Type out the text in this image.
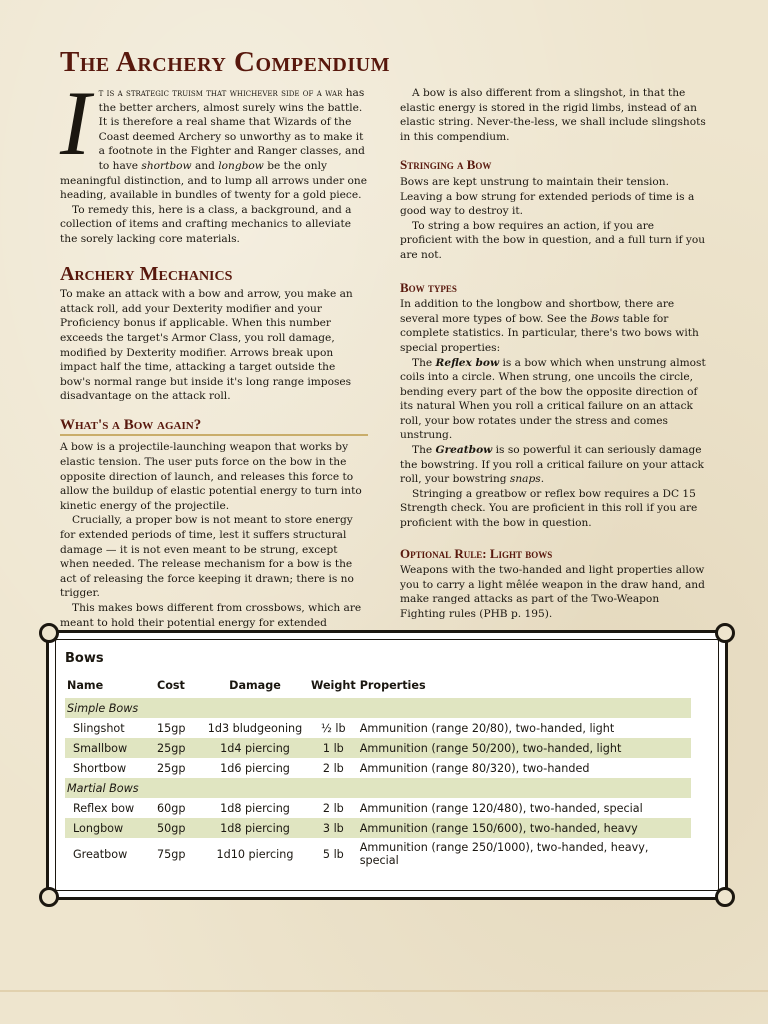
The Archery Compendium

It is a strategic truism that whichever side of a war has the better archers, almost surely wins the battle. It is therefore a real shame that Wizards of the Coast deemed Archery so unworthy as to make it a footnote in the Fighter and Ranger classes, and to have shortbow and longbow be the only meaningful distinction, and to lump all arrows under one heading, available in bundles of twenty for a gold piece.

To remedy this, here is a class, a background, and a collection of items and crafting mechanics to alleviate the sorely lacking core materials.

Archery Mechanics

To make an attack with a bow and arrow, you make an attack roll, add your Dexterity modifier and your Proficiency bonus if applicable. When this number exceeds the target's Armor Class, you roll damage, modified by Dexterity modifier. Arrows break upon impact half the time, attacking a target outside the bow's normal range but inside it's long range imposes disadvantage on the attack roll.

What's a Bow again?

A bow is a projectile-launching weapon that works by elastic tension. The user puts force on the bow in the opposite direction of launch, and releases this force to allow the buildup of elastic potential energy to turn into kinetic energy of the projectile.

Crucially, a proper bow is not meant to store energy for extended periods of time, lest it suffers structural damage — it is not even meant to be strung, except when needed. The release mechanism for a bow is the act of releasing the force keeping it drawn; there is no trigger.

This makes bows different from crossbows, which are meant to hold their potential energy for extended

A bow is also different from a slingshot, in that the elastic energy is stored in the rigid limbs, instead of an elastic string. Never-the-less, we shall include slingshots in this compendium.

Stringing a Bow

Bows are kept unstrung to maintain their tension. Leaving a bow strung for extended periods of time is a good way to destroy it.

To string a bow requires an action, if you are proficient with the bow in question, and a full turn if you are not.

Bow types

In addition to the longbow and shortbow, there are several more types of bow. See the Bows table for complete statistics. In particular, there's two bows with special properties:

The Reflex bow is a bow which when unstrung almost coils into a circle. When strung, one uncoils the circle, bending every part of the bow the opposite direction of its natural When you roll a critical failure on an attack roll, your bow rotates under the stress and comes unstrung.

The Greatbow is so powerful it can seriously damage the bowstring. If you roll a critical failure on your attack roll, your bowstring snaps.

Stringing a greatbow or reflex bow requires a DC 15 Strength check. You are proficient in this roll if you are proficient with the bow in question.

Optional Rule: Light bows

Weapons with the two-handed and light properties allow you to carry a light mêlée weapon in the draw hand, and make ranged attacks as part of the Two-Weapon Fighting rules (PHB p. 195).

Bows
Name	Cost	Damage	Weight	Properties
Simple Bows				
Slingshot	15gp	1d3 bludgeoning	½ lb	Ammunition (range 20/80), two-handed, light
Smallbow	25gp	1d4 piercing	1 lb	Ammunition (range 50/200), two-handed, light
Shortbow	25gp	1d6 piercing	2 lb	Ammunition (range 80/320), two-handed
Martial Bows				
Reflex bow	60gp	1d8 piercing	2 lb	Ammunition (range 120/480), two-handed, special
Longbow	50gp	1d8 piercing	3 lb	Ammunition (range 150/600), two-handed, heavy
Greatbow	75gp	1d10 piercing	5 lb	Ammunition (range 250/1000), two-handed, heavy, special
